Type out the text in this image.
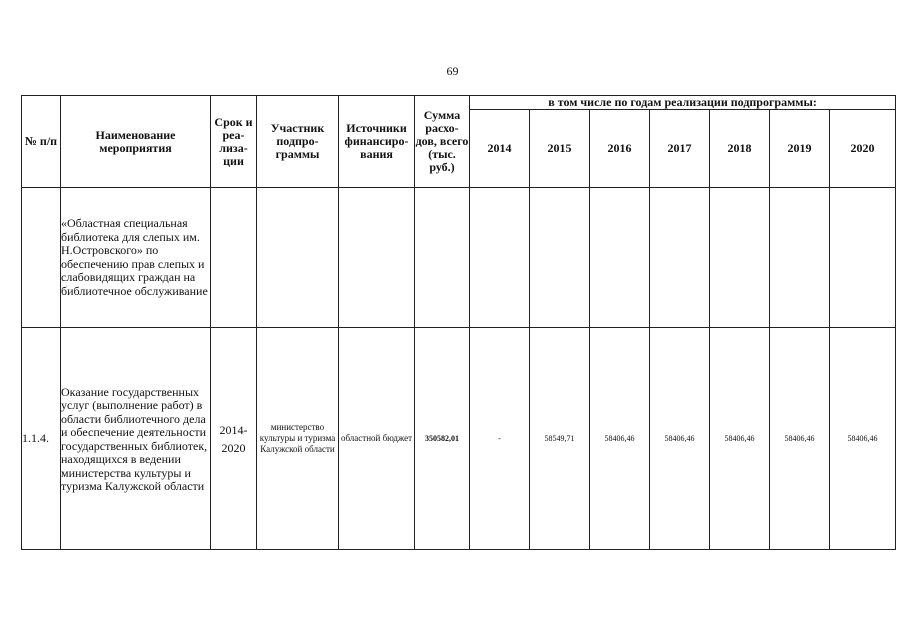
69
№ п/п	Наименование мероприятия	Срок и реа-лиза-ции	Участник подпро-граммы	Источники финансиро-вания	Сумма расхо-дов, всего (тыс. руб.)	в том числе по годам реализации подпрограммы:						
						2014	2015	2016	2017	2018	2019	2020
	«Областная специальная библиотека для слепых им. Н.Островского» по обеспечению прав слепых и слабовидящих граждан на библиотечное обслуживание											
1.1.4.	Оказание государственных услуг (выполнение работ) в области библиотечного дела и обеспечение деятельности государственных библиотек, находящихся в ведении министерства культуры и туризма Калужской области	2014-2020	министерство культуры и туризма Калужской области	областной бюджет	350582,01	-	58549,71	58406,46	58406,46	58406,46	58406,46	58406,46
